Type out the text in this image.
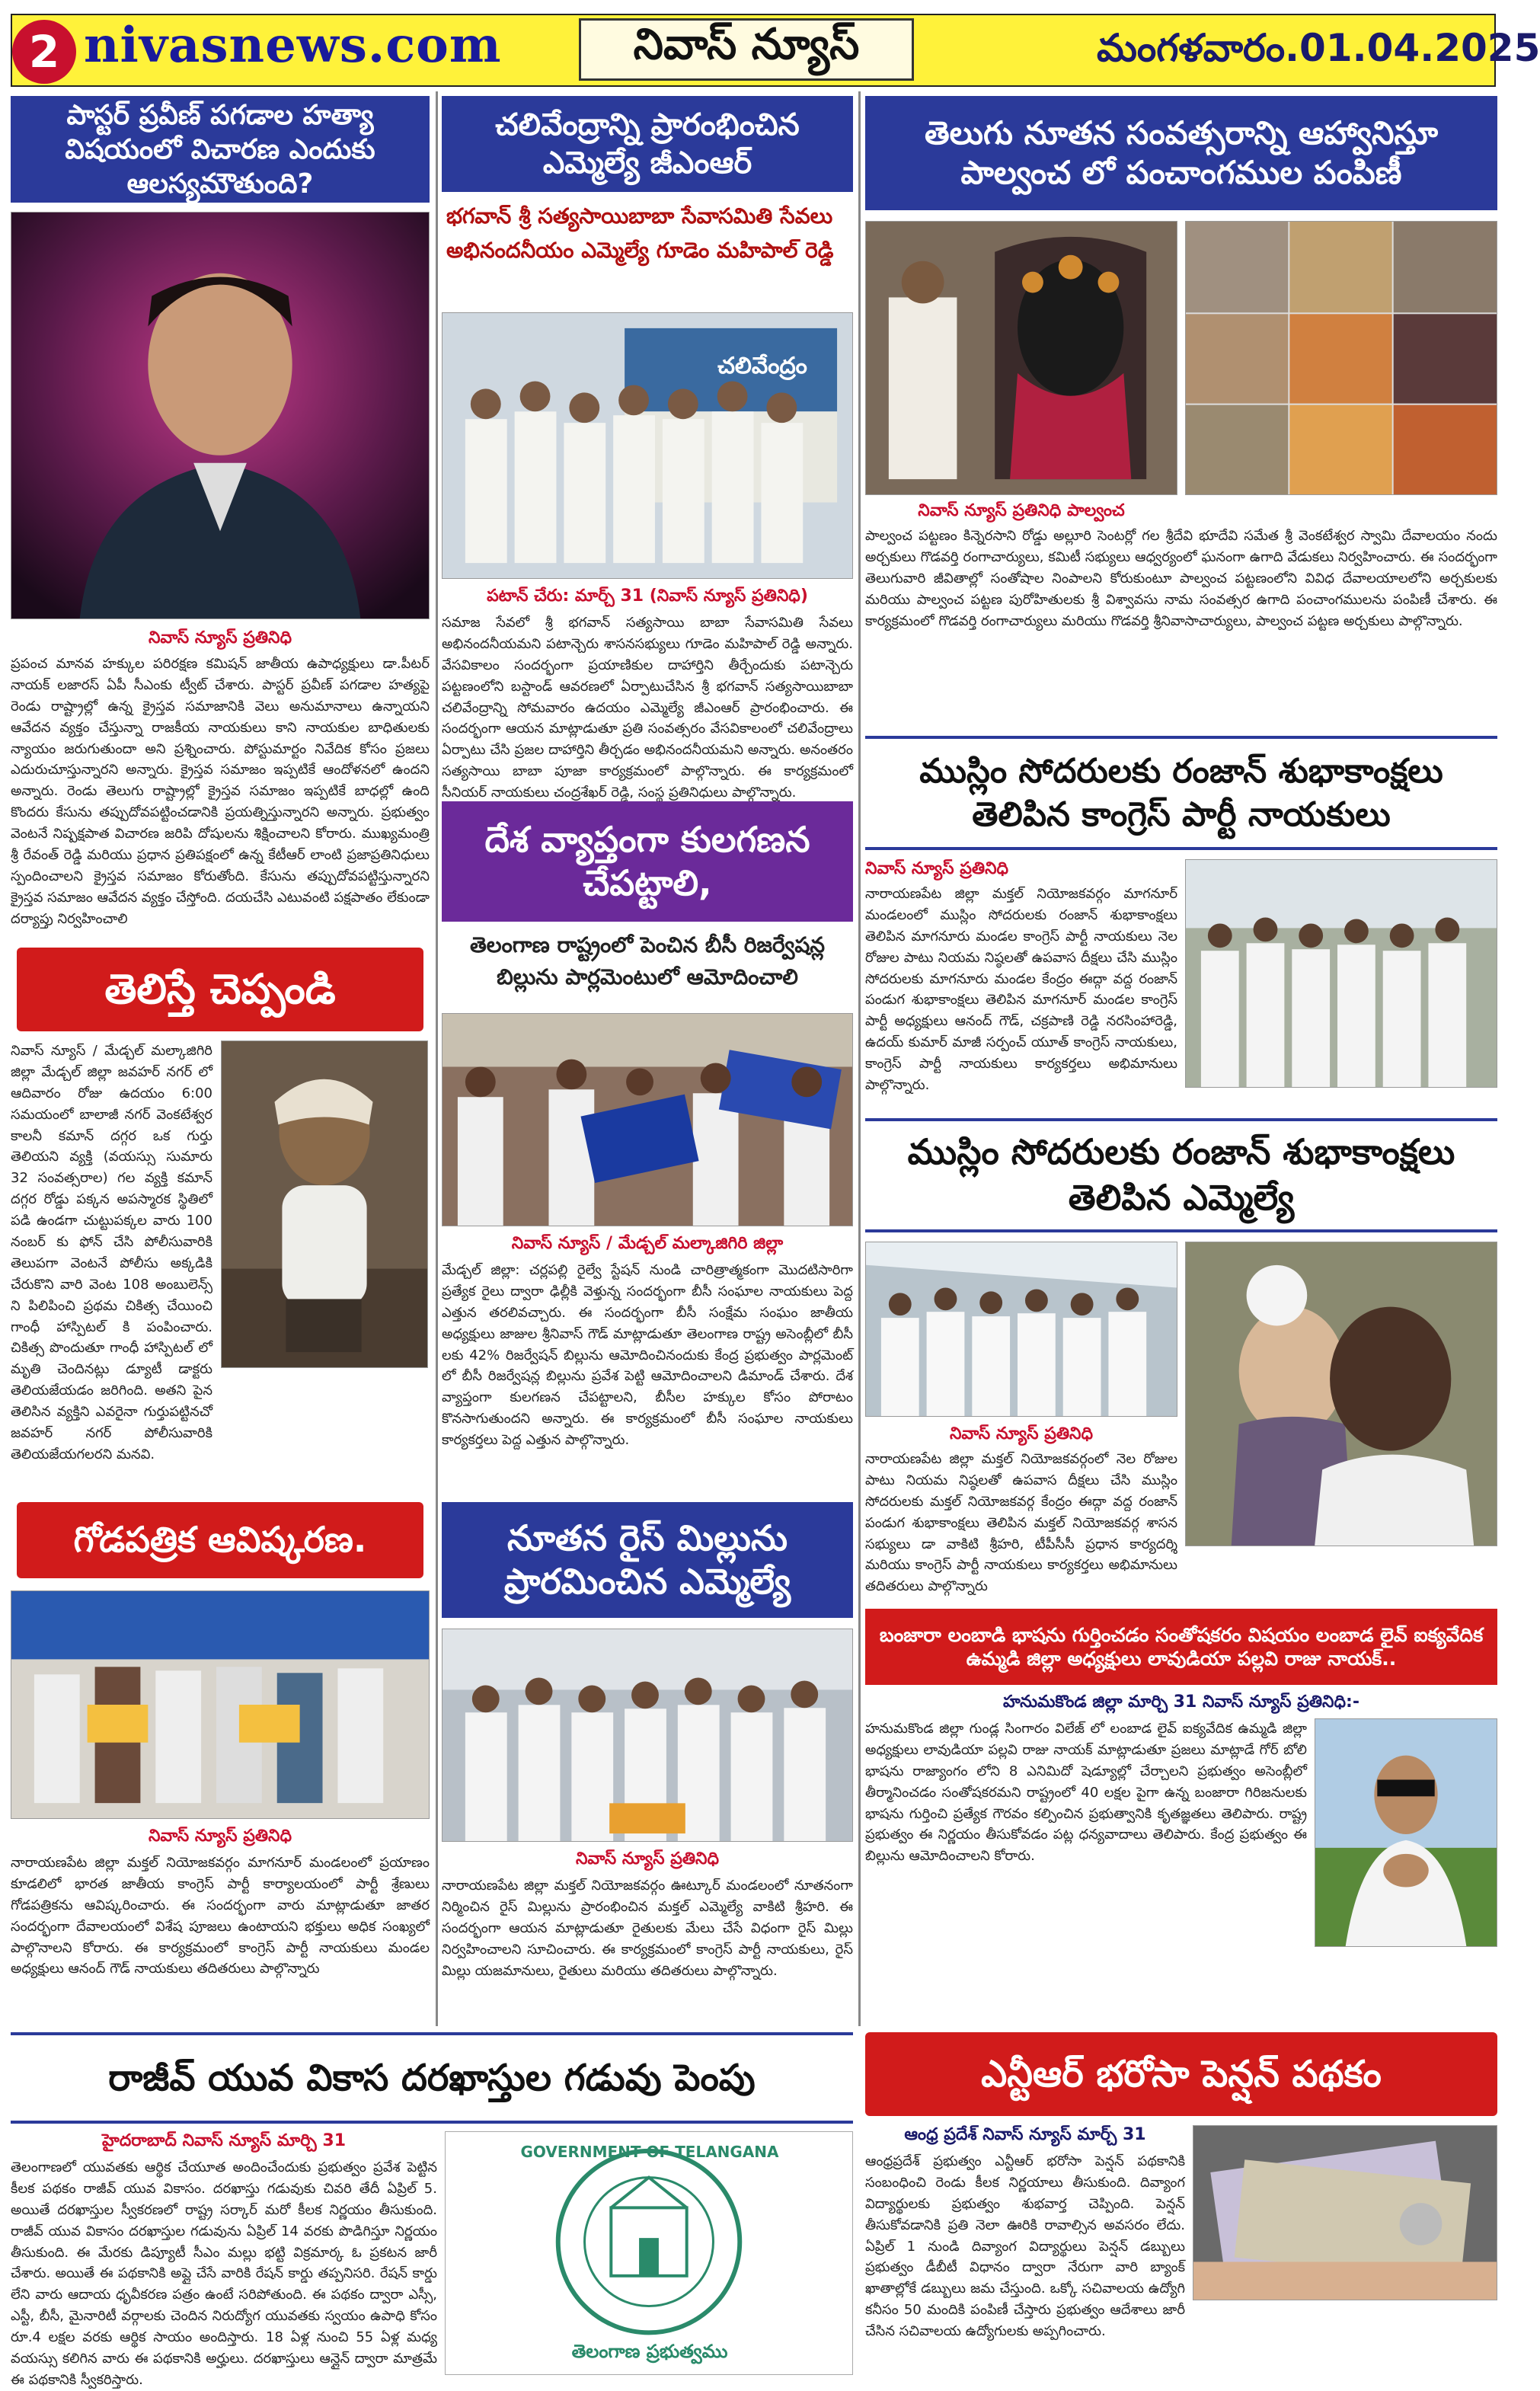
2 nivasnews.com	నివాస్ న్యూస్	మంగళవారం.01.04.2025
పాస్టర్ ప్రవీణ్ పగడాల హత్యా విషయంలో విచారణ ఎందుకు ఆలస్యమౌతుంది?
నివాస్ న్యూస్ ప్రతినిధి
ప్రపంచ మానవ హక్కుల పరిరక్షణ కమిషన్ జాతీయ ఉపాధ్యక్షులు డా.పీటర్ నాయక్ లజారస్ ఏపీ సీఎంకు ట్వీట్ చేశారు. పాస్టర్ ప్రవీణ్ పగడాల హత్యపై రెండు రాష్ట్రాల్లో ఉన్న క్రైస్తవ సమాజానికి వెలు అనుమానాలు ఉన్నాయని ఆవేదన వ్యక్తం చేస్తున్నా రాజకీయ నాయకులు కాని నాయకుల బాధితులకు న్యాయం జరుగుతుందా అని ప్రశ్నించారు. పోస్టుమార్టం నివేదిక కోసం ప్రజలు ఎదురుచూస్తున్నారని అన్నారు. క్రైస్తవ సమాజం ఇప్పటికే ఆందోళనలో ఉందని అన్నారు. రెండు తెలుగు రాష్ట్రాల్లో క్రైస్తవ సమాజం ఇప్పటికే బాధల్లో ఉంది కొందరు కేసును తప్పుదోవపట్టించడానికి ప్రయత్నిస్తున్నారని అన్నారు. ప్రభుత్వం వెంటనే నిష్పక్షపాత విచారణ జరిపి దోషులను శిక్షించాలని కోరారు. ముఖ్యమంత్రి శ్రీ రేవంత్ రెడ్డి మరియు ప్రధాన ప్రతిపక్షంలో ఉన్న కేటీఆర్ లాంటి ప్రజాప్రతినిధులు స్పందించాలని క్రైస్తవ సమాజం కోరుతోంది. కేసును తప్పుదోవపట్టిస్తున్నారని క్రైస్తవ సమాజం ఆవేదన వ్యక్తం చేస్తోంది. దయచేసి ఎటువంటి పక్షపాతం లేకుండా దర్యాప్తు నిర్వహించాలి
తెలిస్తే చెప్పండి
నివాస్ న్యూస్ / మేడ్చల్ మల్కాజిగిరి జిల్లా మేడ్చల్ జిల్లా జవహర్ నగర్ లో ఆదివారం రోజు ఉదయం 6:00 సమయంలో బాలాజీ నగర్ వెంకటేశ్వర కాలనీ కమాన్ దగ్గర ఒక గుర్తు తెలియని వ్యక్తి (వయస్సు సుమారు 32 సంవత్సరాల) గల వ్యక్తి కమాన్ దగ్గర రోడ్డు పక్కన అపస్మారక స్థితిలో పడి ఉండగా చుట్టుపక్కల వారు 100 నంబర్ కు ఫోన్ చేసి పోలీసువారికి తెలుపగా వెంటనే పోలీసు అక్కడికి చేరుకొని వారి వెంట 108 అంబులెన్స్ ని పిలిపించి ప్రథమ చికిత్స చేయించి గాంధీ హాస్పిటల్ కి పంపించారు. చికిత్స పొందుతూ గాంధీ హాస్పిటల్ లో మృతి చెందినట్లు డ్యూటీ డాక్టరు తెలియజేయడం జరిగింది. అతని పైన తెలిసిన వ్యక్తిని ఎవరైనా గుర్తుపట్టినచో జవహర్ నగర్ పోలీసువారికి తెలియజేయగలరని మనవి.
గోడపత్రిక ఆవిష్కరణ.
నివాస్ న్యూస్ ప్రతినిధి
నారాయణపేట జిల్లా మక్తల్ నియోజకవర్గం మాగనూర్ మండలంలో ప్రయాణం కూడలిలో భారత జాతీయ కాంగ్రెస్ పార్టీ కార్యాలయంలో పార్టీ శ్రేణులు గోడపత్రికను ఆవిష్కరించారు. ఈ సందర్భంగా వారు మాట్లాడుతూ జాతర సందర్భంగా దేవాలయంలో విశేష పూజలు ఉంటాయని భక్తులు అధిక సంఖ్యలో పాల్గొనాలని కోరారు. ఈ కార్యక్రమంలో కాంగ్రెస్ పార్టీ నాయకులు మండల అధ్యక్షులు ఆనంద్ గౌడ్ నాయకులు తదితరులు పాల్గొన్నారు
చలివేంద్రాన్ని ప్రారంభించిన ఎమ్మెల్యే జీఎంఆర్
భగవాన్ శ్రీ సత్యసాయిబాబా సేవాసమితి సేవలు అభినందనీయం ఎమ్మెల్యే గూడెం మహిపాల్ రెడ్డి
చలివేంద్రం
పటాన్ చేరు: మార్చ్ 31 (నివాస్ న్యూస్ ప్రతినిధి)
సమాజ సేవలో శ్రీ భగవాన్ సత్యసాయి బాబా సేవాసమితి సేవలు అభినందనీయమని పటాన్చెరు శాసనసభ్యులు గూడెం మహిపాల్ రెడ్డి అన్నారు. వేసవికాలం సందర్భంగా ప్రయాణికుల దాహార్తిని తీర్చేందుకు పటాన్చెరు పట్టణంలోని బస్టాండ్ ఆవరణలో ఏర్పాటుచేసిన శ్రీ భగవాన్ సత్యసాయిబాబా చలివేంద్రాన్ని సోమవారం ఉదయం ఎమ్మెల్యే జీఎంఆర్ ప్రారంభించారు. ఈ సందర్భంగా ఆయన మాట్లాడుతూ ప్రతి సంవత్సరం వేసవికాలంలో చలివేంద్రాలు ఏర్పాటు చేసి ప్రజల దాహార్తిని తీర్చడం అభినందనీయమని అన్నారు. అనంతరం సత్యసాయి బాబా పూజా కార్యక్రమంలో పాల్గొన్నారు. ఈ కార్యక్రమంలో సీనియర్ నాయకులు చంద్రశేఖర్ రెడ్డి, సంస్థ ప్రతినిధులు పాల్గొన్నారు.
దేశ వ్యాప్తంగా కులగణన చేపట్టాలి,
తెలంగాణ రాష్ట్రంలో పెంచిన బీసీ రిజర్వేషన్ల బిల్లును పార్లమెంటులో ఆమోదించాలి
నివాస్ న్యూస్ / మేడ్చల్ మల్కాజిగిరి జిల్లా
మేడ్చల్ జిల్లా: చర్లపల్లి రైల్వే స్టేషన్ నుండి చారిత్రాత్మకంగా మొదటిసారిగా ప్రత్యేక రైలు ద్వారా ఢిల్లీకి వెళ్తున్న సందర్భంగా బీసీ సంఘాల నాయకులు పెద్ద ఎత్తున తరలివచ్చారు. ఈ సందర్భంగా బీసీ సంక్షేమ సంఘం జాతీయ అధ్యక్షులు జాజుల శ్రీనివాస్ గౌడ్ మాట్లాడుతూ తెలంగాణ రాష్ట్ర అసెంబ్లీలో బీసీ లకు 42% రిజర్వేషన్ బిల్లును ఆమోదించినందుకు కేంద్ర ప్రభుత్వం పార్లమెంట్ లో బీసీ రిజర్వేషన్ల బిల్లును ప్రవేశ పెట్టి ఆమోదించాలని డిమాండ్ చేశారు. దేశ వ్యాప్తంగా కులగణన చేపట్టాలని, బీసీల హక్కుల కోసం పోరాటం కొనసాగుతుందని అన్నారు. ఈ కార్యక్రమంలో బీసీ సంఘాల నాయకులు కార్యకర్తలు పెద్ద ఎత్తున పాల్గొన్నారు.
నూతన రైస్ మిల్లును ప్రారమించిన ఎమ్మెల్యే
నివాస్ న్యూస్ ప్రతినిధి
నారాయణపేట జిల్లా మక్తల్ నియోజకవర్గం ఊట్కూర్ మండలంలో నూతనంగా నిర్మించిన రైస్ మిల్లును ప్రారంభించిన మక్తల్ ఎమ్మెల్యే వాకిటి శ్రీహరి. ఈ సందర్భంగా ఆయన మాట్లాడుతూ రైతులకు మేలు చేసే విధంగా రైస్ మిల్లు నిర్వహించాలని సూచించారు. ఈ కార్యక్రమంలో కాంగ్రెస్ పార్టీ నాయకులు, రైస్ మిల్లు యజమానులు, రైతులు మరియు తదితరులు పాల్గొన్నారు.
తెలుగు నూతన సంవత్సరాన్ని ఆహ్వానిస్తూ పాల్వంచ లో పంచాంగముల పంపిణీ
నివాస్ న్యూస్ ప్రతినిధి పాల్వంచ
పాల్వంచ పట్టణం కిన్నెరసాని రోడ్డు అల్లూరి సెంటర్లో గల శ్రీదేవి భూదేవి సమేత శ్రీ వెంకటేశ్వర స్వామి దేవాలయం నందు అర్చకులు గొడవర్తి రంగాచార్యులు, కమిటీ సభ్యులు ఆధ్వర్యంలో ఘనంగా ఉగాది వేడుకలు నిర్వహించారు. ఈ సందర్భంగా తెలుగువారి జీవితాల్లో సంతోషాల నింపాలని కోరుకుంటూ పాల్వంచ పట్టణంలోని వివిధ దేవాలయాలలోని అర్చకులకు మరియు పాల్వంచ పట్టణ పురోహితులకు శ్రీ విశ్వావసు నామ సంవత్సర ఉగాది పంచాంగములను పంపిణీ చేశారు. ఈ కార్యక్రమంలో గొడవర్తి రంగాచార్యులు మరియు గొడవర్తి శ్రీనివాసాచార్యులు, పాల్వంచ పట్టణ అర్చకులు పాల్గొన్నారు.
ముస్లిం సోదరులకు రంజాన్ శుభాకాంక్షలు తెలిపిన కాంగ్రెస్ పార్టీ నాయకులు
నివాస్ న్యూస్ ప్రతినిధి
నారాయణపేట జిల్లా మక్తల్ నియోజకవర్గం మాగనూర్ మండలంలో ముస్లిం సోదరులకు రంజాన్ శుభాకాంక్షలు తెలిపిన మాగనూరు మండల కాంగ్రెస్ పార్టీ నాయకులు నెల రోజుల పాటు నియమ నిష్ఠలతో ఉపవాస దీక్షలు చేసి ముస్లిం సోదరులకు మాగనూరు మండల కేంద్రం ఈద్గా వద్ద రంజాన్ పండుగ శుభాకాంక్షలు తెలిపిన మాగనూర్ మండల కాంగ్రెస్ పార్టీ అధ్యక్షులు ఆనంద్ గౌడ్, చక్రపాణి రెడ్డి నరసింహారెడ్డి, ఉదయ్ కుమార్ మాజీ సర్పంచ్ యూత్ కాంగ్రెస్ నాయకులు, కాంగ్రెస్ పార్టీ నాయకులు కార్యకర్తలు అభిమానులు పాల్గొన్నారు.
ముస్లిం సోదరులకు రంజాన్ శుభాకాంక్షలు తెలిపిన ఎమ్మెల్యే
నివాస్ న్యూస్ ప్రతినిధి
నారాయణపేట జిల్లా మక్తల్ నియోజకవర్గంలో నెల రోజుల పాటు నియమ నిష్ఠలతో ఉపవాస దీక్షలు చేసి ముస్లిం సోదరులకు మక్తల్ నియోజకవర్గ కేంద్రం ఈద్గా వద్ద రంజాన్ పండుగ శుభాకాంక్షలు తెలిపిన మక్తల్ నియోజకవర్గ శాసన సభ్యులు డా వాకిటి శ్రీహరి, టీపీసీసీ ప్రధాన కార్యదర్శి మరియు కాంగ్రెస్ పార్టీ నాయకులు కార్యకర్తలు అభిమానులు తదితరులు పాల్గొన్నారు
బంజారా లంబాడి భాషను గుర్తించడం సంతోషకరం విషయం లంబాడ లైవ్ ఐక్యవేదిక ఉమ్మడి జిల్లా అధ్యక్షులు లావుడియా పల్లవి రాజు నాయక్..
హనుమకొండ జిల్లా మార్చి 31 నివాస్ న్యూస్ ప్రతినిధి:-
హనుమకొండ జిల్లా గుండ్ల సింగారం విలేజ్ లో లంబాడ లైవ్ ఐక్యవేదిక ఉమ్మడి జిల్లా అధ్యక్షులు లావుడియా పల్లవి రాజు నాయక్ మాట్లాడుతూ ప్రజలు మాట్లాడే గోర్ బోలి భాషను రాజ్యాంగం లోని 8 ఎనిమిదో షెడ్యూల్లో చేర్చాలని ప్రభుత్వం అసెంబ్లీలో తీర్మానించడం సంతోషకరమని రాష్ట్రంలో 40 లక్షల పైగా ఉన్న బంజారా గిరిజనులకు భాషను గుర్తించి ప్రత్యేక గౌరవం కల్పించిన ప్రభుత్వానికి కృతజ్ఞతలు తెలిపారు. రాష్ట్ర ప్రభుత్వం ఈ నిర్ణయం తీసుకోవడం పట్ల ధన్యవాదాలు తెలిపారు. కేంద్ర ప్రభుత్వం ఈ బిల్లును ఆమోదించాలని కోరారు.
రాజీవ్ యువ వికాస దరఖాస్తుల గడువు పెంపు
హైదరాబాద్ నివాస్ న్యూస్ మార్చి 31
తెలంగాణలో యువతకు ఆర్థిక చేయూత అందించేందుకు ప్రభుత్వం ప్రవేశ పెట్టిన కీలక పథకం రాజీవ్ యువ వికాసం. దరఖాస్తు గడువుకు చివరి తేదీ ఏప్రిల్ 5. అయితే దరఖాస్తుల స్వీకరణలో రాష్ట్ర సర్కార్ మరో కీలక నిర్ణయం తీసుకుంది. రాజీవ్ యువ వికాసం దరఖాస్తుల గడువును ఏప్రిల్ 14 వరకు పొడిగిస్తూ నిర్ణయం తీసుకుంది. ఈ మేరకు డిప్యూటీ సీఎం మల్లు భట్టి విక్రమార్క ఓ ప్రకటన జారీ చేశారు. అయితే ఈ పథకానికి అప్లై చేసే వారికి రేషన్ కార్డు తప్పనిసరి. రేషన్ కార్డు లేని వారు ఆదాయ ధృవీకరణ పత్రం ఉంటే సరిపోతుంది. ఈ పథకం ద్వారా ఎస్సీ, ఎస్టీ, బీసీ, మైనారిటీ వర్గాలకు చెందిన నిరుద్యోగ యువతకు స్వయం ఉపాధి కోసం రూ.4 లక్షల వరకు ఆర్థిక సాయం అందిస్తారు. 18 ఏళ్ల నుంచి 55 ఏళ్ల మధ్య వయస్సు కలిగిన వారు ఈ పథకానికి అర్హులు. దరఖాస్తులు ఆన్లైన్ ద్వారా మాత్రమే ఈ పథకానికి స్వీకరిస్తారు.
GOVERNMENT OF TELANGANA
తెలంగాణ ప్రభుత్వము
ఎన్టీఆర్ భరోసా పెన్షన్ పథకం
ఆంధ్ర ప్రదేశ్ నివాస్ న్యూస్ మార్చ్ 31
ఆంధ్రప్రదేశ్ ప్రభుత్వం ఎన్టీఆర్ భరోసా పెన్షన్ పథకానికి సంబంధించి రెండు కీలక నిర్ణయాలు తీసుకుంది. దివ్యాంగ విద్యార్థులకు ప్రభుత్వం శుభవార్త చెప్పింది. పెన్షన్ తీసుకోవడానికి ప్రతి నెలా ఊరికి రావాల్సిన అవసరం లేదు. ఏప్రిల్ 1 నుండి దివ్యాంగ విద్యార్థులు పెన్షన్ డబ్బులు ప్రభుత్వం డీబీటీ విధానం ద్వారా నేరుగా వారి బ్యాంక్ ఖాతాల్లోకే డబ్బులు జమ చేస్తుంది. ఒక్కో సచివాలయ ఉద్యోగి కనీసం 50 మందికి పంపిణీ చేస్తారు ప్రభుత్వం ఆదేశాలు జారీ చేసిన సచివాలయ ఉద్యోగులకు అప్పగించారు.
